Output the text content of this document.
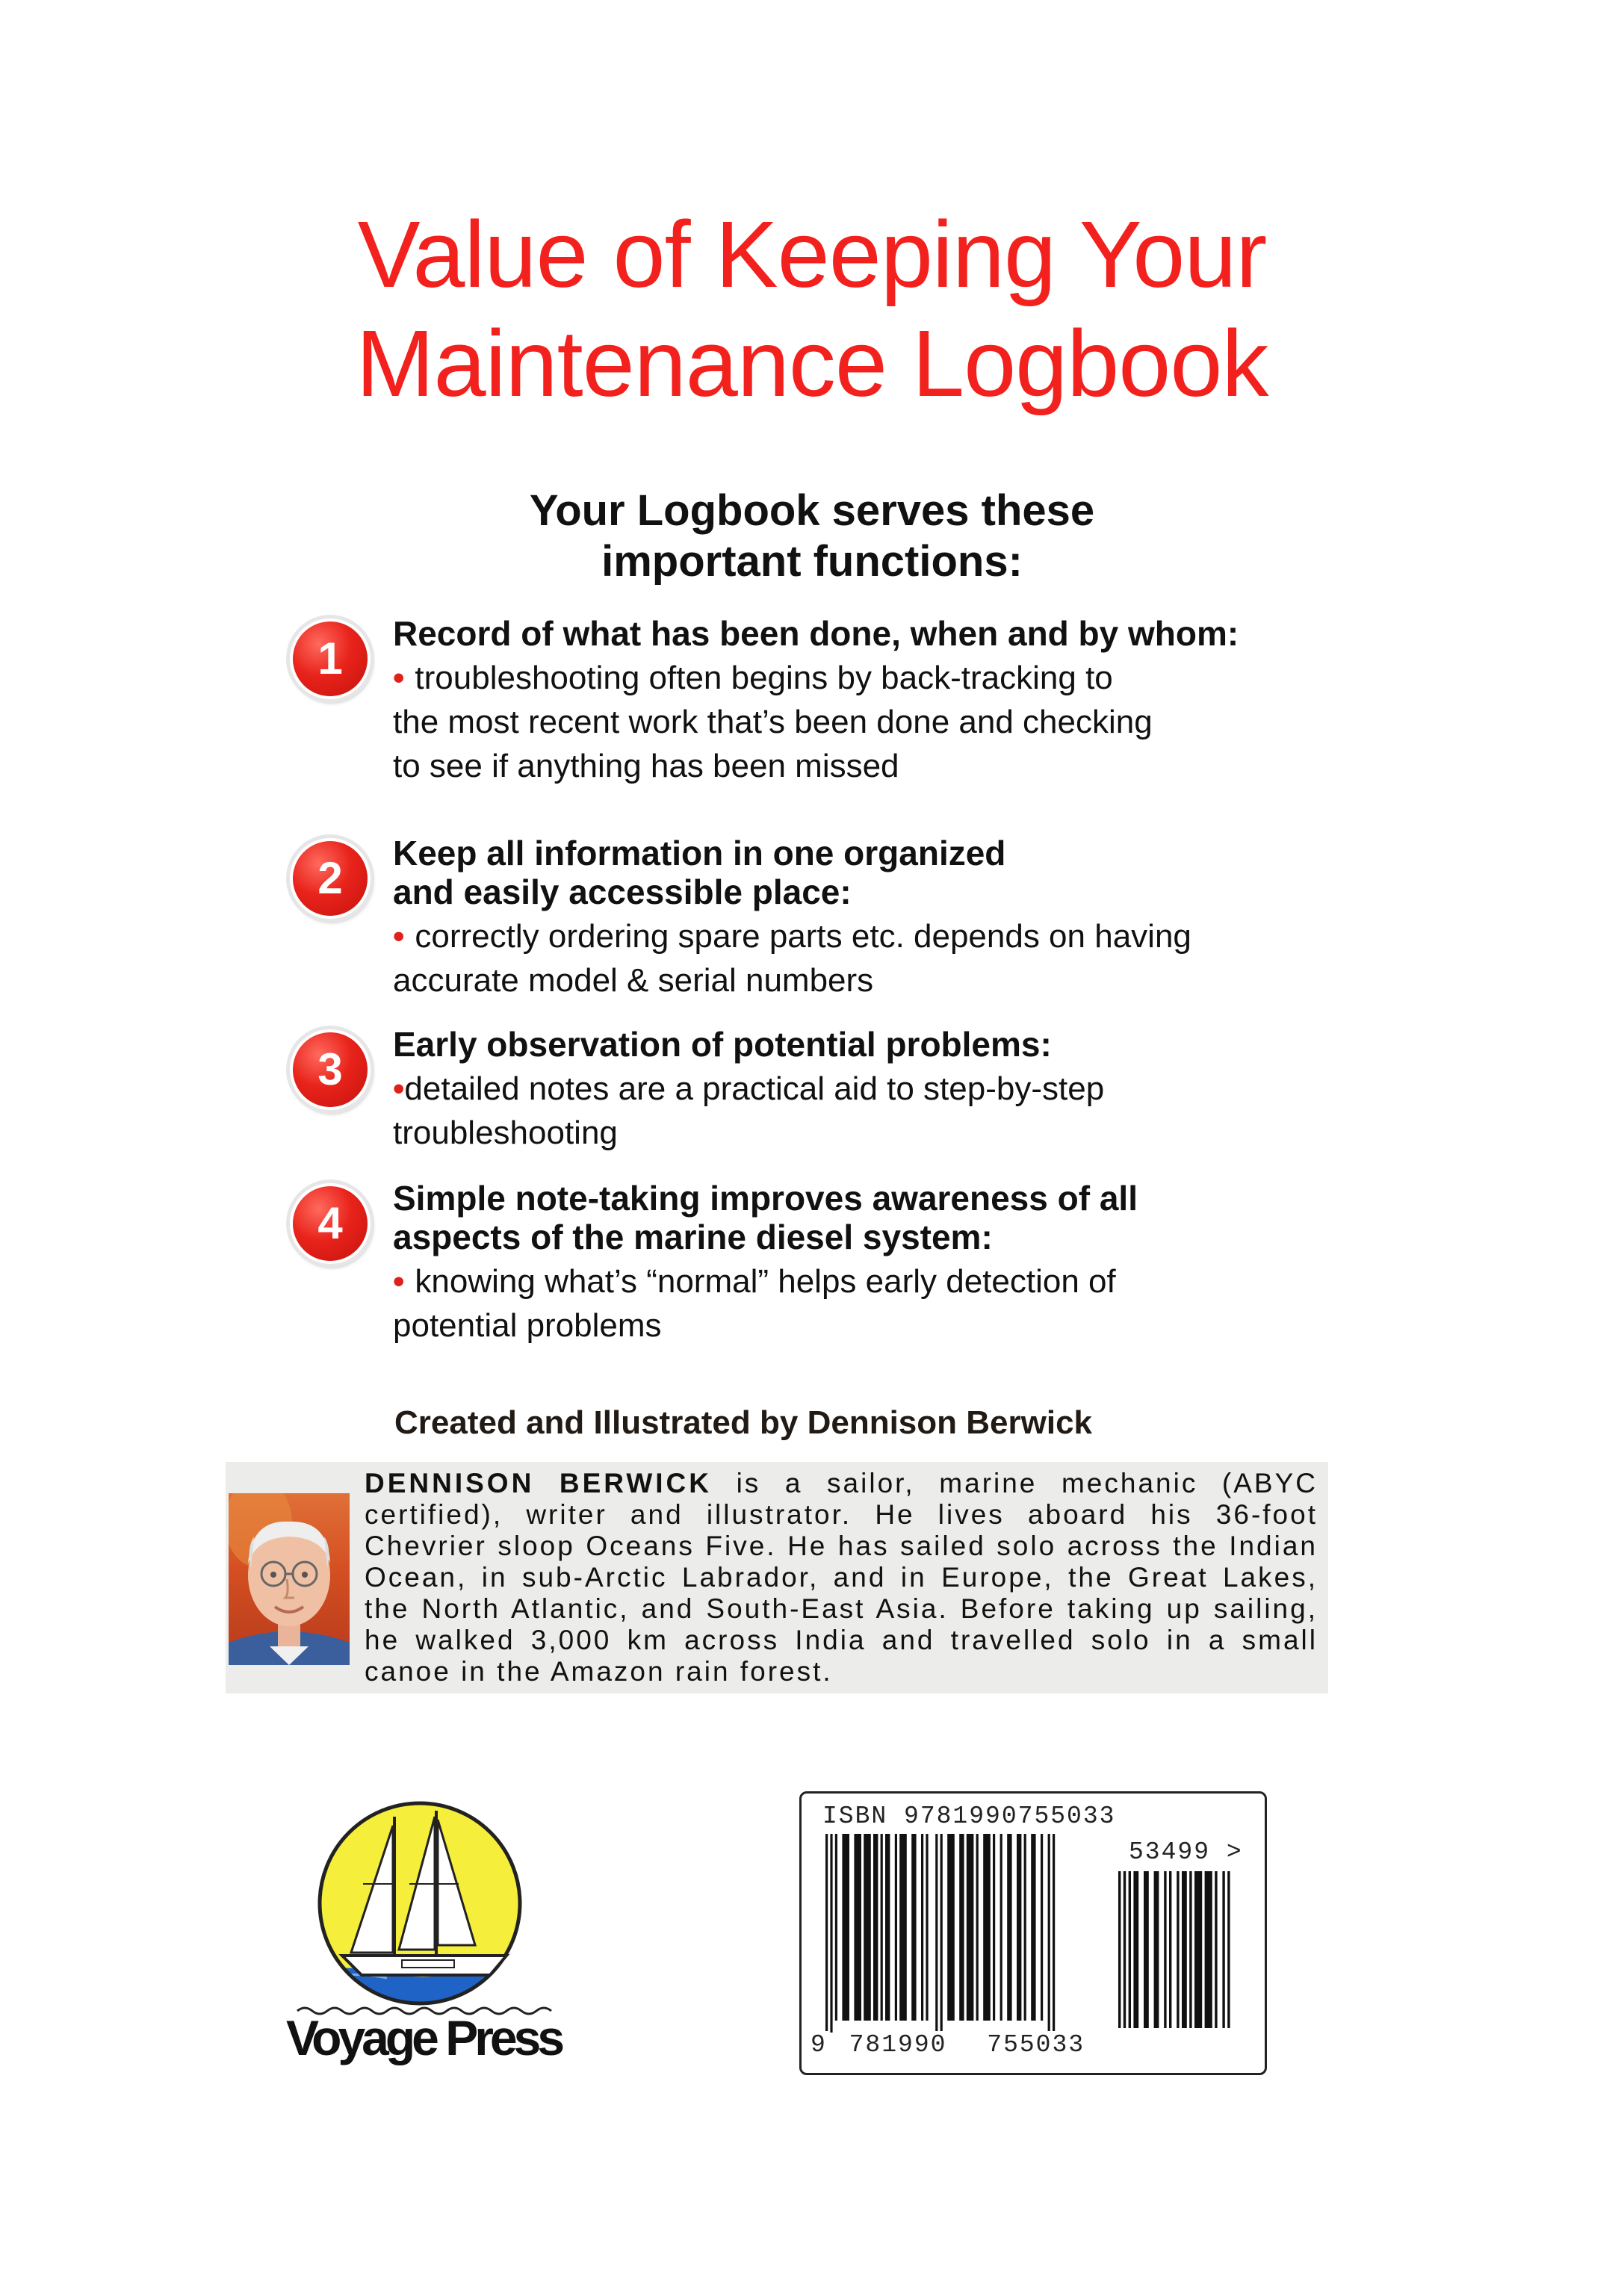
Value of Keeping Your
Maintenance Logbook
Your Logbook serves these
important functions:
1	Record of what has been done, when and by whom:
• troubleshooting often begins by back-tracking to
the most recent work that’s been done and checking
to see if anything has been missed
2	Keep all information in one organized
and easily accessible place:
• correctly ordering spare parts etc. depends on having
accurate model & serial numbers
3	Early observation of potential problems:
•detailed notes are a practical aid to step-by-step
troubleshooting
4	Simple note-taking improves awareness of all
aspects of the marine diesel system:
• knowing what’s “normal” helps early detection of
potential problems
Created and Illustrated by Dennison Berwick
DENNISON BERWICK is a sailor, marine mechanic (ABYC certified), writer and illustrator. He lives aboard his 36-foot Chevrier sloop Oceans Five. He has sailed solo across the Indian Ocean, in sub-Arctic Labrador, and in Europe, the Great Lakes, the North Atlantic, and South-East Asia. Before taking up sailing, he walked 3,000 km across India and travelled solo in a small canoe in the Amazon rain forest.
Voyage Press
ISBN 9781990755033
53499 >
9 781990 755033
